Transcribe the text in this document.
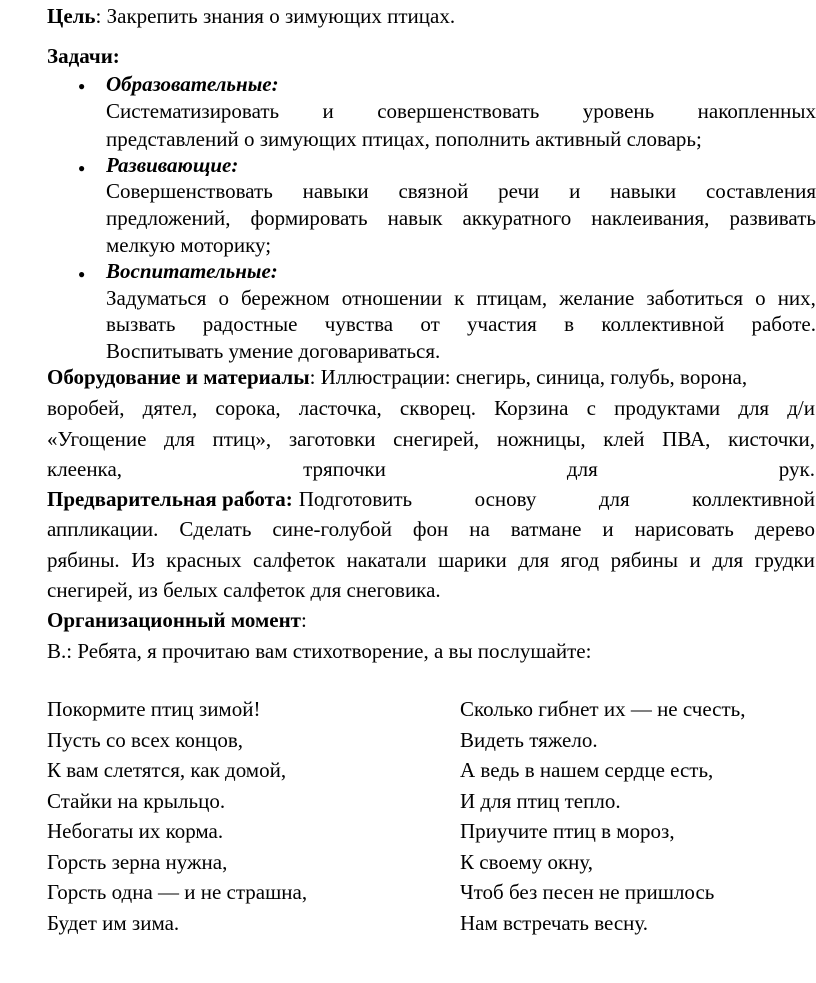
Цель: Закрепить знания о зимующих птицах.
Задачи:
● Образовательные:
Систематизировать и совершенствовать уровень накопленных
представлений о зимующих птицах, пополнить активный словарь;
● Развивающие:
Совершенствовать навыки связной речи и навыки составления
предложений, формировать навык аккуратного наклеивания, развивать
мелкую моторику;
● Воспитательные:
Задуматься о бережном отношении к птицам, желание заботиться о них,
вызвать радостные чувства от участия в коллективной работе.
Воспитывать умение договариваться.
Оборудование и материалы: Иллюстрации: снегирь, синица, голубь, ворона,
воробей, дятел, сорока, ласточка, скворец. Корзина с продуктами для д/и
«Угощение для птиц», заготовки снегирей, ножницы, клей ПВА, кисточки,
клеенка,	тряпочки	для	рук.
Предварительная работа: Подготовить	основу	для	коллективной
аппликации. Сделать сине-голубой фон на ватмане и нарисовать дерево
рябины. Из красных салфеток накатали шарики для ягод рябины и для грудки
снегирей, из белых салфеток для снеговика.
Организационный момент:
В.: Ребята, я прочитаю вам стихотворение, а вы послушайте:
Покормите птиц зимой!
Пусть со всех концов,
К вам слетятся, как домой,
Стайки на крыльцо.
Небогаты их корма.
Горсть зерна нужна,
Горсть одна — и не страшна,
Будет им зима.
Сколько гибнет их — не счесть,
Видеть тяжело.
А ведь в нашем сердце есть,
И для птиц тепло.
Приучите птиц в мороз,
К своему окну,
Чтоб без песен не пришлось
Нам встречать весну.
